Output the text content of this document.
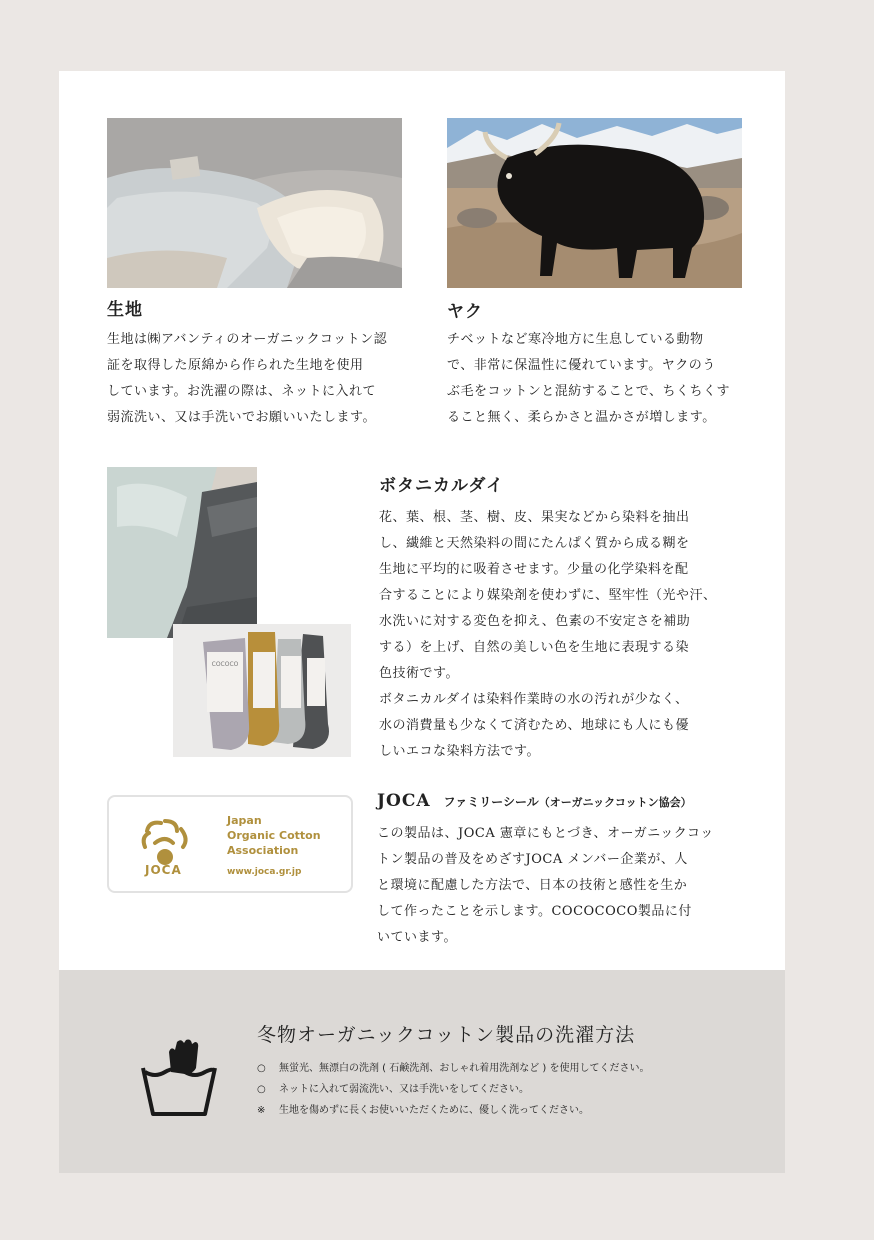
生地

生地は㈱アバンティのオーガニックコットン認
証を取得した原綿から作られた生地を使用
しています。お洗濯の際は、ネットに入れて
弱流洗い、又は手洗いでお願いいたします。

ヤク

チベットなど寒冷地方に生息している動物
で、非常に保温性に優れています。ヤクのう
ぶ毛をコットンと混紡することで、ちくちくす
ること無く、柔らかさと温かさが増します。

COCOCO
ボタニカルダイ

花、葉、根、茎、樹、皮、果実などから染料を抽出
し、繊維と天然染料の間にたんぱく質から成る糊を
生地に平均的に吸着させます。少量の化学染料を配
合することにより媒染剤を使わずに、堅牢性（光や汗、
水洗いに対する変色を抑え、色素の不安定さを補助
する）を上げ、自然の美しい色を生地に表現する染
色技術です。
ボタニカルダイは染料作業時の水の汚れが少なく、
水の消費量も少なくて済むため、地球にも人にも優
しいエコな染料方法です。

JOCA
Japan
Organic Cotton
Association
www.joca.gr.jp
JOCA ファミリーシール（オーガニックコットン協会）

この製品は、JOCA 憲章にもとづき、オーガニックコッ
トン製品の普及をめざすJOCA メンバー企業が、人
と環境に配慮した方法で、日本の技術と感性を生か
して作ったことを示します。COCOCOCO製品に付
いています。

冬物オーガニックコットン製品の洗濯方法
○ 無蛍光、無漂白の洗剤 ( 石鹸洗剤、おしゃれ着用洗剤など ) を使用してください。
○ ネットに入れて弱流洗い、又は手洗いをしてください。
※ 生地を傷めずに長くお使いいただくために、優しく洗ってください。
